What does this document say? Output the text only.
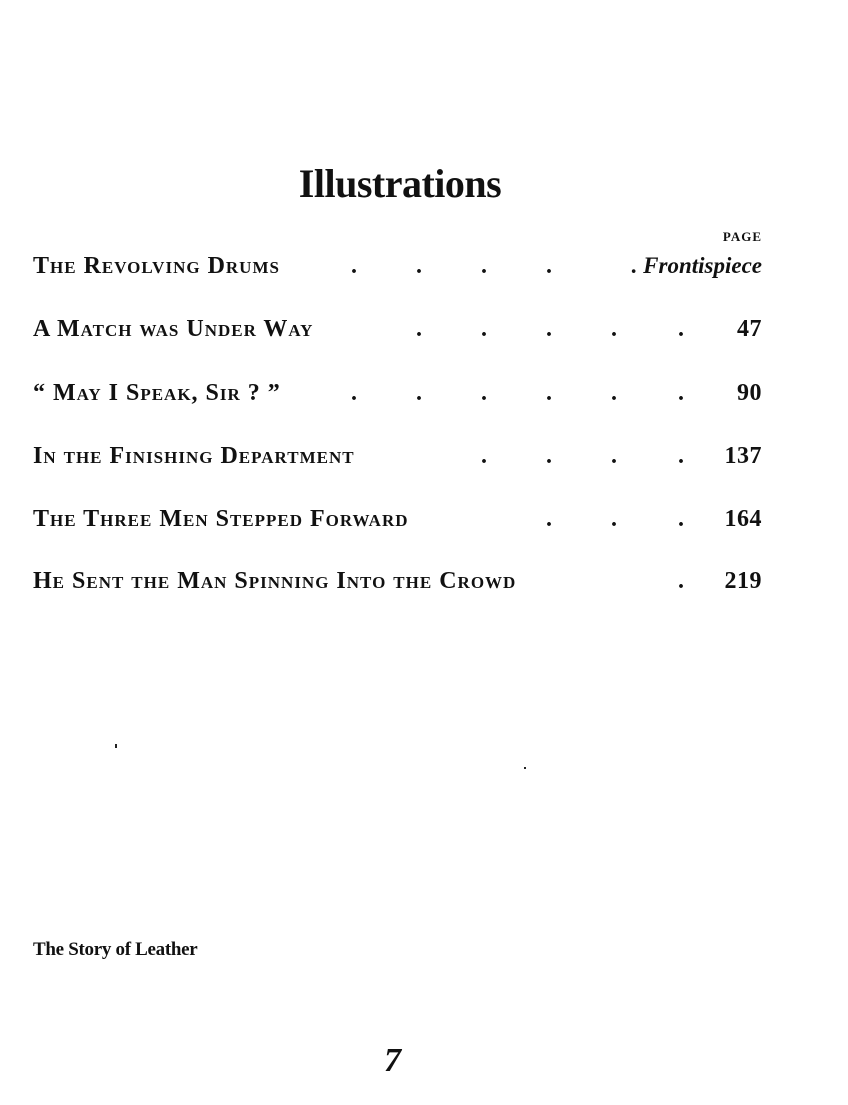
Illustrations
PAGE
The Revolving Drums	. . . .	. Frontispiece
A Match was Under Way	. . . .	. 47
“ May I Speak, Sir ? ”	. . . . .	. 90
In the Finishing Department	. . .	. 137
The Three Men Stepped Forward	. .	. 164
He Sent the Man Spinning Into the Crowd	. 219
The Story of Leather
7
